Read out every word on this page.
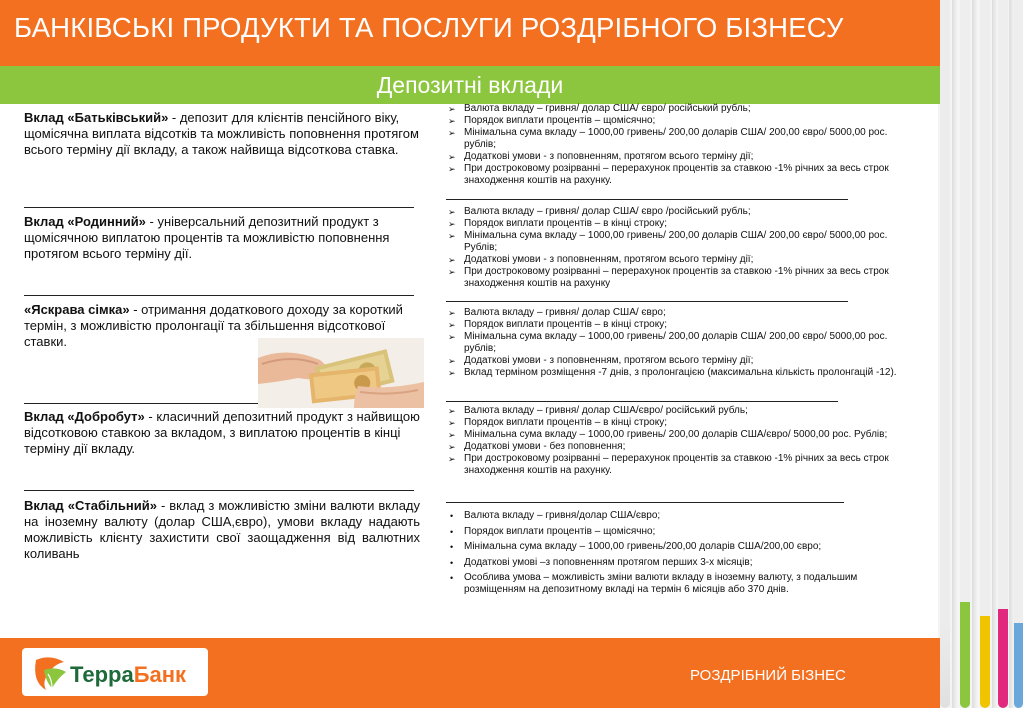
БАНКІВСЬКІ ПРОДУКТИ ТА ПОСЛУГИ РОЗДРІБНОГО БІЗНЕСУ
Депозитні вклади
Вклад «Батьківський» - депозит для клієнтів пенсійного віку, щомісячна виплата відсотків та можливість поповнення протягом всього терміну дії вкладу, а також найвища відсоткова ставка.
Вклад «Родинний» - універсальний депозитний продукт з щомісячною виплатою процентів та можливістю поповнення протягом всього терміну дії.
«Яскрава сімка» - отримання додаткового доходу за короткий термін, з можливістю пролонгації та збільшення відсоткової ставки.
Вклад «Добробут» - класичний депозитний продукт з найвищою відсотковою ставкою за вкладом, з виплатою процентів в кінці терміну дії вкладу.
Вклад «Стабільний» - вклад з можливістю зміни валюти вкладу на іноземну валюту (долар США,євро), умови вкладу надають можливість клієнту захистити свої заощадження від валютних коливань
➢ Валюта вкладу – гривня/ долар США/ євро/ російський рубль;
➢ Порядок виплати процентів – щомісячно;
➢ Мінімальна сума вкладу – 1000,00 гривень/ 200,00 доларів США/ 200,00 євро/ 5000,00 рос. рублів;
➢ Додаткові умови - з поповненням, протягом всього терміну дії;
➢ При достроковому розірванні – перерахунок процентів за ставкою -1% річних за весь строк знаходження коштів на рахунку.
➢ Валюта вкладу – гривня/ долар США/ євро /російський рубль;
➢ Порядок виплати процентів – в кінці строку;
➢ Мінімальна сума вкладу – 1000,00 гривень/ 200,00 доларів США/ 200,00 євро/ 5000,00 рос. Рублів;
➢ Додаткові умови - з поповненням, протягом всього терміну дії;
➢ При достроковому розірванні – перерахунок процентів за ставкою -1% річних за весь строк знаходження коштів на рахунку
➢ Валюта вкладу – гривня/ долар США/ євро;
➢ Порядок виплати процентів – в кінці строку;
➢ Мінімальна сума вкладу – 1000,00 гривень/ 200,00 доларів США/ 200,00 євро/ 5000,00 рос. рублів;
➢ Додаткові умови - з поповненням, протягом всього терміну дії;
➢ Вклад терміном розміщення -7 днів, з пролонгацією (максимальна кількість пролонгацій -12).
➢ Валюта вкладу – гривня/ долар США/євро/ російський рубль;
➢ Порядок виплати процентів – в кінці строку;
➢ Мінімальна сума вкладу – 1000,00 гривень/ 200,00 доларів США/євро/ 5000,00 рос. Рублів;
➢ Додаткові умови - без поповнення;
➢ При достроковому розірванні – перерахунок процентів за ставкою -1% річних за весь строк знаходження коштів на рахунку.
• Валюта вкладу – гривня/долар США/євро;
• Порядок виплати процентів – щомісячно;
• Мінімальна сума вкладу – 1000,00 гривень/200,00 доларів США/200,00 євро;
• Додаткові умові –з поповненням протягом перших 3-х місяців;
• Особлива умова – можливість зміни валюти вкладу в іноземну валюту, з подальшим розміщенням на депозитному вкладі на термін 6 місяців або 370 днів.
ТерраБанк	РОЗДРІБНИЙ БІЗНЕС
